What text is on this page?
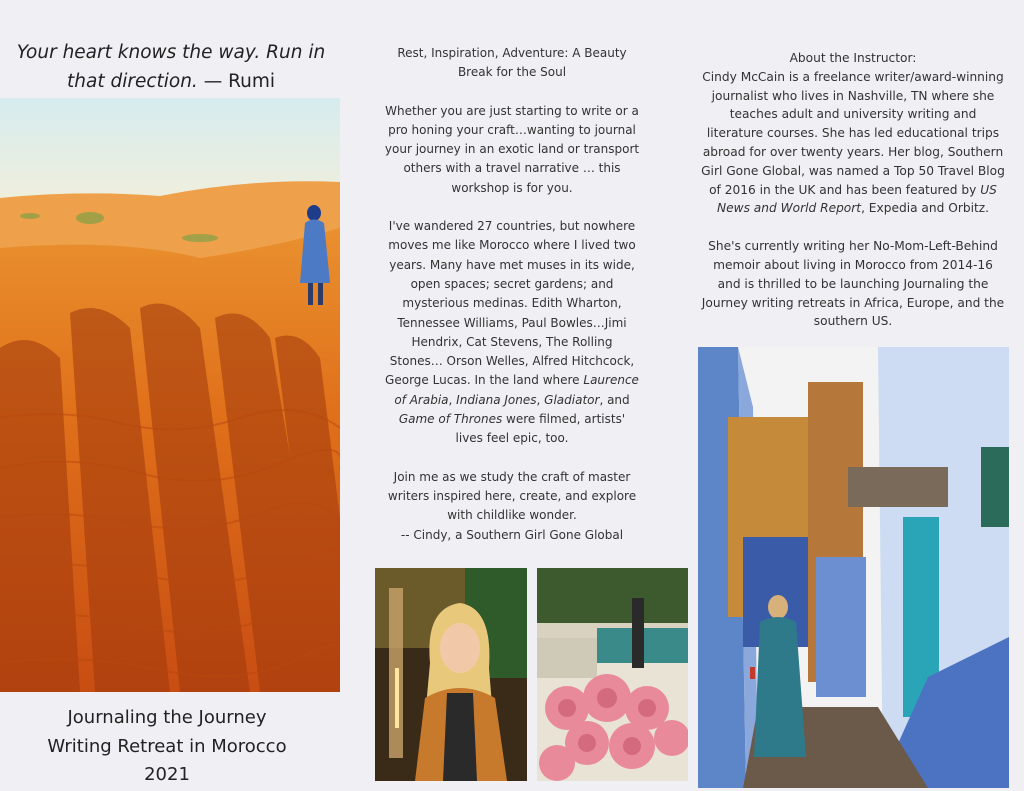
Your heart knows the way. Run in that direction. — Rumi
Journaling the Journey
Writing Retreat in Morocco
2021

Rest, Inspiration, Adventure: A Beauty Break for the Soul

Whether you are just starting to write or a pro honing your craft…wanting to journal your journey in an exotic land or transport others with a travel narrative … this workshop is for you.

I've wandered 27 countries, but nowhere moves me like Morocco where I lived two years. Many have met muses in its wide, open spaces; secret gardens; and mysterious medinas. Edith Wharton, Tennessee Williams, Paul Bowles…Jimi Hendrix, Cat Stevens, The Rolling Stones… Orson Welles, Alfred Hitchcock, George Lucas. In the land where Laurence of Arabia, Indiana Jones, Gladiator, and Game of Thrones were filmed, artists' lives feel epic, too.

Join me as we study the craft of master writers inspired here, create, and explore with childlike wonder.

-- Cindy, a Southern Girl Gone Global

About the Instructor:

Cindy McCain is a freelance writer/award-winning journalist who lives in Nashville, TN where she teaches adult and university writing and literature courses. She has led educational trips abroad for over twenty years. Her blog, Southern Girl Gone Global, was named a Top 50 Travel Blog of 2016 in the UK and has been featured by US News and World Report, Expedia and Orbitz.

She's currently writing her No-Mom-Left-Behind memoir about living in Morocco from 2014-16 and is thrilled to be launching Journaling the Journey writing retreats in Africa, Europe, and the southern US.
